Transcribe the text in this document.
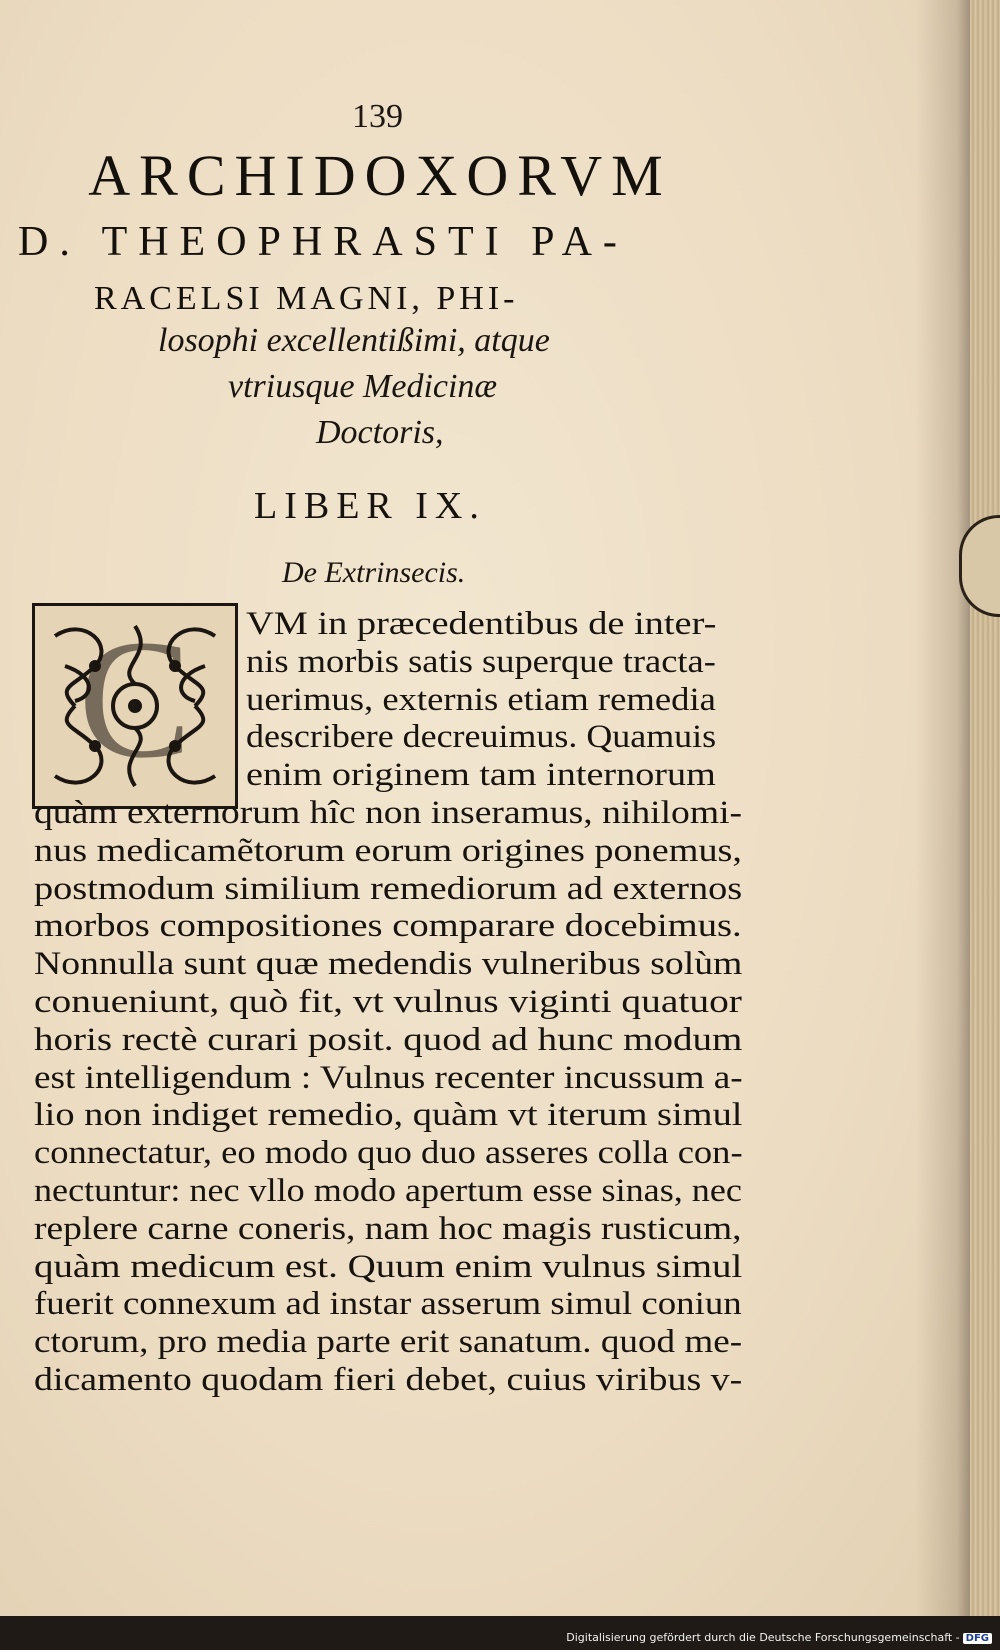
139
ARCHIDOXORVM
D. THEOPHRASTI PA-
RACELSI MAGNI, PHI-
losophi excellentißimi, atque
vtriusque Medicinæ
Doctoris,
LIBER IX.
De Extrinsecis.
C VM in præcedentibus de inter-
nis morbis satis superque tracta-
uerimus, externis etiam remedia
describere decreuimus. Quamuis
enim originem tam internorum
quàm externorum hîc non inseramus, nihilomi-
nus medicamẽtorum eorum origines ponemus,
postmodum similium remediorum ad externos
morbos compositiones comparare docebimus.
Nonnulla sunt quæ medendis vulneribus solùm
conueniunt, quò fit, vt vulnus viginti quatuor
horis rectè curari posit. quod ad hunc modum
est intelligendum : Vulnus recenter incussum a-
lio non indiget remedio, quàm vt iterum simul
connectatur, eo modo quo duo asseres colla con-
nectuntur: nec vllo modo apertum esse sinas, nec
replere carne coneris, nam hoc magis rusticum,
quàm medicum est. Quum enim vulnus simul
fuerit connexum ad instar asserum simul coniun
ctorum, pro media parte erit sanatum. quod me-
dicamento quodam fieri debet, cuius viribus v-
Digitalisierung gefördert durch die Deutsche Forschungsgemeinschaft - DFG
